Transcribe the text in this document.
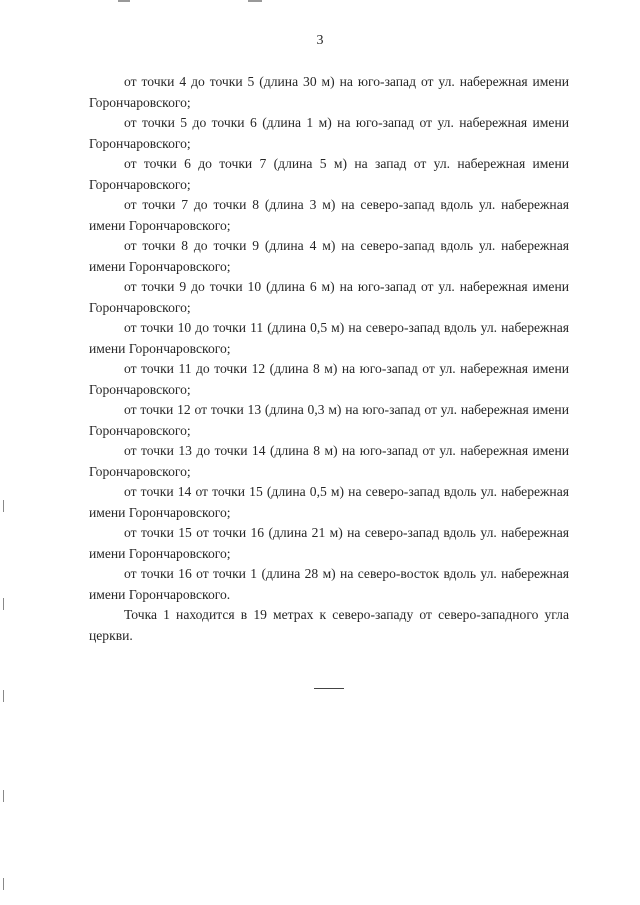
3

от точки 4 до точки 5 (длина 30 м) на юго-запад от ул. набережная имени Горончаровского;

от точки 5 до точки 6 (длина 1 м) на юго-запад от ул. набережная имени Горончаровского;

от точки 6 до точки 7 (длина 5 м) на запад от ул. набережная имени Горончаровского;

от точки 7 до точки 8 (длина 3 м) на северо-запад вдоль ул. набережная имени Горончаровского;

от точки 8 до точки 9 (длина 4 м) на северо-запад вдоль ул. набережная имени Горончаровского;

от точки 9 до точки 10 (длина 6 м) на юго-запад от ул. набережная имени Горончаровского;

от точки 10 до точки 11 (длина 0,5 м) на северо-запад вдоль ул. набережная имени Горончаровского;

от точки 11 до точки 12 (длина 8 м) на юго-запад от ул. набережная имени Горончаровского;

от точки 12 от точки 13 (длина 0,3 м) на юго-запад от ул. набережная имени Горончаровского;

от точки 13 до точки 14 (длина 8 м) на юго-запад от ул. набережная имени Горончаровского;

от точки 14 от точки 15 (длина 0,5 м) на северо-запад вдоль ул. набережная имени Горончаровского;

от точки 15 от точки 16 (длина 21 м) на северо-запад вдоль ул. набережная имени Горончаровского;

от точки 16 от точки 1 (длина 28 м) на северо-восток вдоль ул. набережная имени Горончаровского.

Точка 1 находится в 19 метрах к северо-западу от северо-западного угла церкви.
